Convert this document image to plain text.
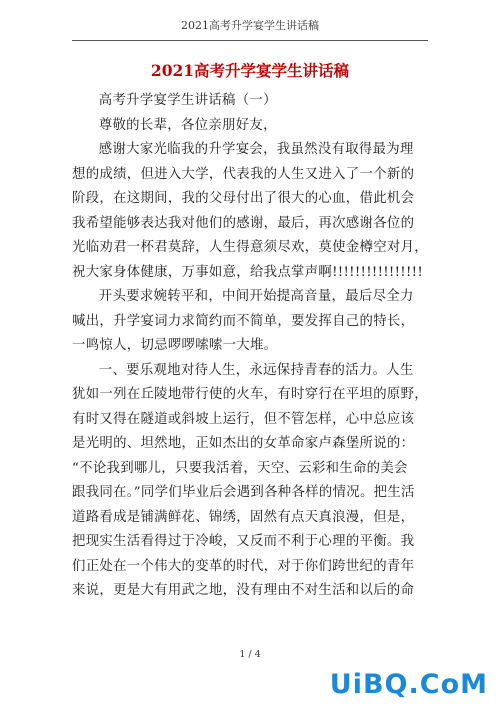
2021高考升学宴学生讲话稿
2021高考升学宴学生讲话稿

高考升学宴学生讲话稿（一）

尊敬的长辈，各位亲朋好友，

感谢大家光临我的升学宴会，我虽然没有取得最为理
想的成绩，但进入大学，代表我的人生又进入了一个新的
阶段，在这期间，我的父母付出了很大的心血，借此机会
我希望能够表达我对他们的感谢，最后，再次感谢各位的
光临劝君一杯君莫辞，人生得意须尽欢，莫使金樽空对月，
祝大家身体健康，万事如意，给我点掌声啊!!!!!!!!!!!!!!!!
开头要求婉转平和，中间开始提高音量，最后尽全力
喊出，升学宴词力求简约而不简单，要发挥自己的特长，
一鸣惊人，切忌啰啰嗦嗦一大堆。
一、要乐观地对待人生，永远保持青春的活力。人生
犹如一列在丘陵地带行使的火车，有时穿行在平坦的原野，
有时又得在隧道或斜坡上运行，但不管怎样，心中总应该
是光明的、坦然地，正如杰出的女革命家卢森堡所说的：
“不论我到哪儿，只要我活着，天空、云彩和生命的美会
跟我同在。”同学们毕业后会遇到各种各样的情况。把生活
道路看成是铺满鲜花、锦绣，固然有点天真浪漫，但是，
把现实生活看得过于冷峻，又反而不利于心理的平衡。我
们正处在一个伟大的变革的时代，对于你们跨世纪的青年
来说，更是大有用武之地，没有理由不对生活和以后的命
1 / 4
UiBQ.CoM
